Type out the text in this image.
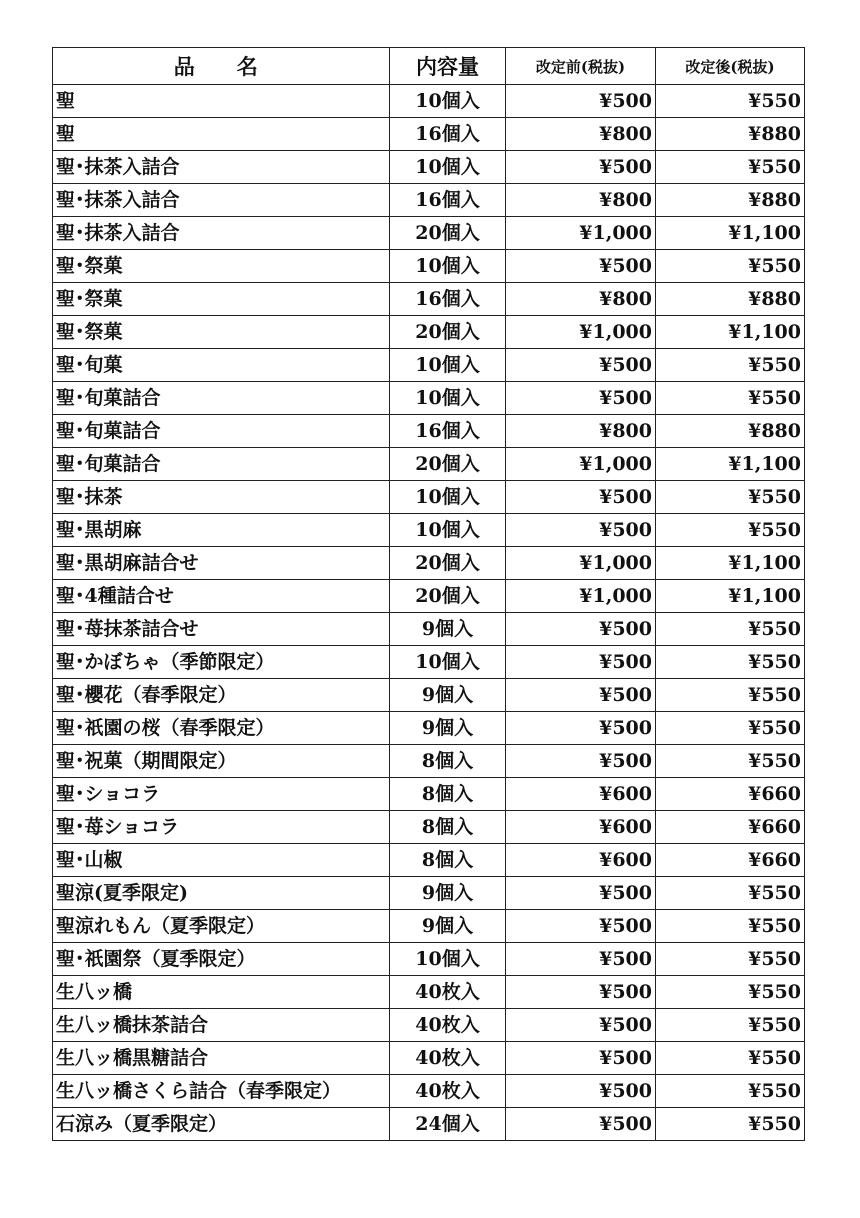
品　名	内容量	改定前(税抜)	改定後(税抜)
聖	10個入	¥500	¥550
聖	16個入	¥800	¥880
聖･抹茶入詰合	10個入	¥500	¥550
聖･抹茶入詰合	16個入	¥800	¥880
聖･抹茶入詰合	20個入	¥1,000	¥1,100
聖･祭菓	10個入	¥500	¥550
聖･祭菓	16個入	¥800	¥880
聖･祭菓	20個入	¥1,000	¥1,100
聖･旬菓	10個入	¥500	¥550
聖･旬菓詰合	10個入	¥500	¥550
聖･旬菓詰合	16個入	¥800	¥880
聖･旬菓詰合	20個入	¥1,000	¥1,100
聖･抹茶	10個入	¥500	¥550
聖･黒胡麻	10個入	¥500	¥550
聖･黒胡麻詰合せ	20個入	¥1,000	¥1,100
聖･4種詰合せ	20個入	¥1,000	¥1,100
聖･苺抹茶詰合せ	9個入	¥500	¥550
聖･かぼちゃ（季節限定）	10個入	¥500	¥550
聖･櫻花（春季限定）	9個入	¥500	¥550
聖･祇園の桜（春季限定）	9個入	¥500	¥550
聖･祝菓（期間限定）	8個入	¥500	¥550
聖･ショコラ	8個入	¥600	¥660
聖･苺ショコラ	8個入	¥600	¥660
聖･山椒	8個入	¥600	¥660
聖涼(夏季限定)	9個入	¥500	¥550
聖涼れもん（夏季限定）	9個入	¥500	¥550
聖･祇園祭（夏季限定）	10個入	¥500	¥550
生八ッ橋	40枚入	¥500	¥550
生八ッ橋抹茶詰合	40枚入	¥500	¥550
生八ッ橋黒糖詰合	40枚入	¥500	¥550
生八ッ橋さくら詰合（春季限定）	40枚入	¥500	¥550
石涼み（夏季限定）	24個入	¥500	¥550
